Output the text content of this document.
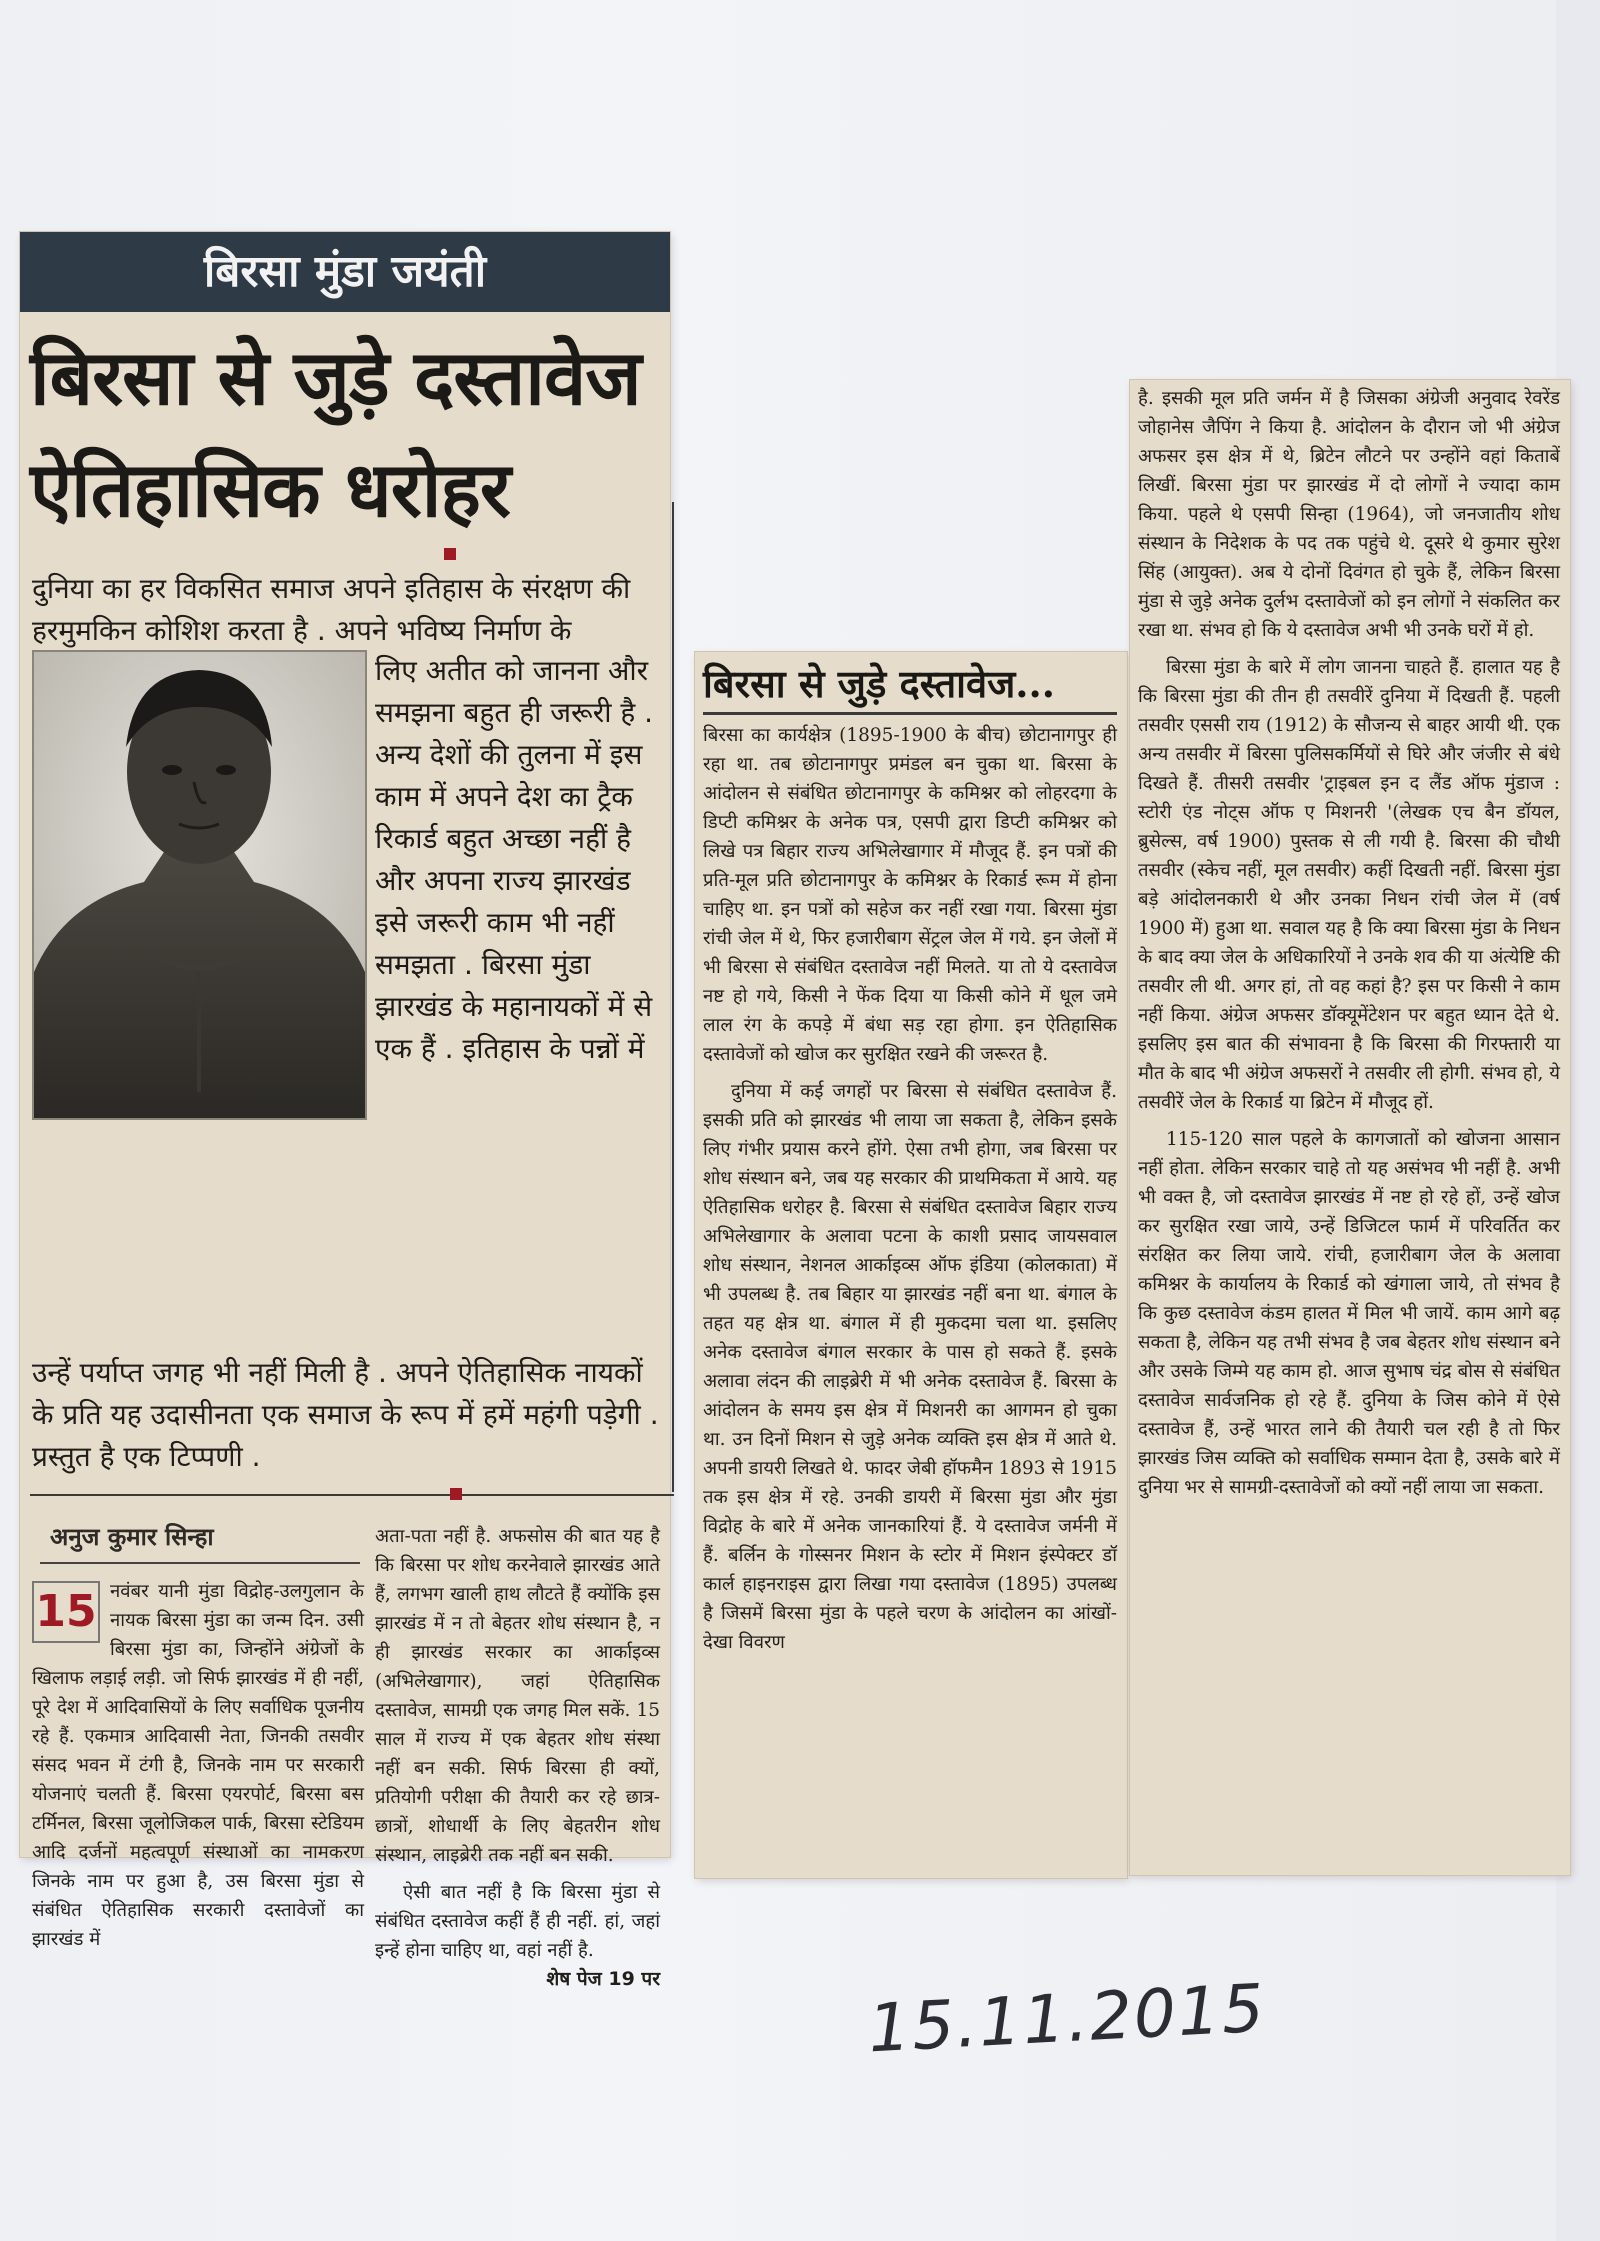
बिरसा मुंडा जयंती
बिरसा से जुड़े दस्तावेज
ऐतिहासिक धरोहर
दुनिया का हर विकसित समाज अपने इतिहास के संरक्षण की हरमुमकिन कोशिश करता है . अपने भविष्य निर्माण के
लिए अतीत को जानना और समझना बहुत ही जरूरी है . अन्य देशों की तुलना में इस काम में अपने देश का ट्रैक रिकार्ड बहुत अच्छा नहीं है और अपना राज्य झारखंड इसे जरूरी काम भी नहीं समझता . बिरसा मुंडा झारखंड के महानायकों में से एक हैं . इतिहास के पन्नों में
उन्हें पर्याप्त जगह भी नहीं मिली है . अपने ऐतिहासिक नायकों के प्रति यह उदासीनता एक समाज के रूप में हमें महंगी पड़ेगी . प्रस्तुत है एक टिप्पणी .
अनुज कुमार सिन्हा
15 नवंबर यानी मुंडा विद्रोह-उलगुलान के नायक बिरसा मुंडा का जन्म दिन. उसी बिरसा मुंडा का, जिन्होंने अंग्रेजों के खिलाफ लड़ाई लड़ी. जो सिर्फ झारखंड में ही नहीं, पूरे देश में आदिवासियों के लिए सर्वाधिक पूजनीय रहे हैं. एकमात्र आदिवासी नेता, जिनकी तसवीर संसद भवन में टंगी है, जिनके नाम पर सरकारी योजनाएं चलती हैं. बिरसा एयरपोर्ट, बिरसा बस टर्मिनल, बिरसा जूलोजिकल पार्क, बिरसा स्टेडियम आदि दर्जनों महत्वपूर्ण संस्थाओं का नामकरण जिनके नाम पर हुआ है, उस बिरसा मुंडा से संबंधित ऐतिहासिक सरकारी दस्तावेजों का झारखंड में
अता-पता नहीं है. अफसोस की बात यह है कि बिरसा पर शोध करनेवाले झारखंड आते हैं, लगभग खाली हाथ लौटते हैं क्योंकि इस झारखंड में न तो बेहतर शोध संस्थान है, न ही झारखंड सरकार का आर्काइव्स (अभिलेखागार), जहां ऐतिहासिक दस्तावेज, सामग्री एक जगह मिल सकें. 15 साल में राज्य में एक बेहतर शोध संस्था नहीं बन सकी. सिर्फ बिरसा ही क्यों, प्रतियोगी परीक्षा की तैयारी कर रहे छात्र-छात्रों, शोधार्थी के लिए बेहतरीन शोध संस्थान, लाइब्रेरी तक नहीं बन सकी.
ऐसी बात नहीं है कि बिरसा मुंडा से संबंधित दस्तावेज कहीं हैं ही नहीं. हां, जहां इन्हें होना चाहिए था, वहां नहीं है.
शेष पेज 19 पर
बिरसा से जुड़े दस्तावेज...
बिरसा का कार्यक्षेत्र (1895-1900 के बीच) छोटानागपुर ही रहा था. तब छोटानागपुर प्रमंडल बन चुका था. बिरसा के आंदोलन से संबंधित छोटानागपुर के कमिश्नर को लोहरदगा के डिप्टी कमिश्नर के अनेक पत्र, एसपी द्वारा डिप्टी कमिश्नर को लिखे पत्र बिहार राज्य अभिलेखागार में मौजूद हैं. इन पत्रों की प्रति-मूल प्रति छोटानागपुर के कमिश्नर के रिकार्ड रूम में होना चाहिए था. इन पत्रों को सहेज कर नहीं रखा गया. बिरसा मुंडा रांची जेल में थे, फिर हजारीबाग सेंट्रल जेल में गये. इन जेलों में भी बिरसा से संबंधित दस्तावेज नहीं मिलते. या तो ये दस्तावेज नष्ट हो गये, किसी ने फेंक दिया या किसी कोने में धूल जमे लाल रंग के कपड़े में बंधा सड़ रहा होगा. इन ऐतिहासिक दस्तावेजों को खोज कर सुरक्षित रखने की जरूरत है.
दुनिया में कई जगहों पर बिरसा से संबंधित दस्तावेज हैं. इसकी प्रति को झारखंड भी लाया जा सकता है, लेकिन इसके लिए गंभीर प्रयास करने होंगे. ऐसा तभी होगा, जब बिरसा पर शोध संस्थान बने, जब यह सरकार की प्राथमिकता में आये. यह ऐतिहासिक धरोहर है. बिरसा से संबंधित दस्तावेज बिहार राज्य अभिलेखागार के अलावा पटना के काशी प्रसाद जायसवाल शोध संस्थान, नेशनल आर्काइव्स ऑफ इंडिया (कोलकाता) में भी उपलब्ध है. तब बिहार या झारखंड नहीं बना था. बंगाल के तहत यह क्षेत्र था. बंगाल में ही मुकदमा चला था. इसलिए अनेक दस्तावेज बंगाल सरकार के पास हो सकते हैं. इसके अलावा लंदन की लाइब्रेरी में भी अनेक दस्तावेज हैं. बिरसा के आंदोलन के समय इस क्षेत्र में मिशनरी का आगमन हो चुका था. उन दिनों मिशन से जुड़े अनेक व्यक्ति इस क्षेत्र में आते थे. अपनी डायरी लिखते थे. फादर जेबी हॉफमैन 1893 से 1915 तक इस क्षेत्र में रहे. उनकी डायरी में बिरसा मुंडा और मुंडा विद्रोह के बारे में अनेक जानकारियां हैं. ये दस्तावेज जर्मनी में हैं. बर्लिन के गोस्सनर मिशन के स्टोर में मिशन इंस्पेक्टर डॉ कार्ल हाइनराइस द्वारा लिखा गया दस्तावेज (1895) उपलब्ध है जिसमें बिरसा मुंडा के पहले चरण के आंदोलन का आंखों-देखा विवरण
है. इसकी मूल प्रति जर्मन में है जिसका अंग्रेजी अनुवाद रेवरेंड जोहानेस जैपिंग ने किया है. आंदोलन के दौरान जो भी अंग्रेज अफसर इस क्षेत्र में थे, ब्रिटेन लौटने पर उन्होंने वहां किताबें लिखीं. बिरसा मुंडा पर झारखंड में दो लोगों ने ज्यादा काम किया. पहले थे एसपी सिन्हा (1964), जो जनजातीय शोध संस्थान के निदेशक के पद तक पहुंचे थे. दूसरे थे कुमार सुरेश सिंह (आयुक्त). अब ये दोनों दिवंगत हो चुके हैं, लेकिन बिरसा मुंडा से जुड़े अनेक दुर्लभ दस्तावेजों को इन लोगों ने संकलित कर रखा था. संभव हो कि ये दस्तावेज अभी भी उनके घरों में हो.
बिरसा मुंडा के बारे में लोग जानना चाहते हैं. हालात यह है कि बिरसा मुंडा की तीन ही तसवीरें दुनिया में दिखती हैं. पहली तसवीर एससी राय (1912) के सौजन्य से बाहर आयी थी. एक अन्य तसवीर में बिरसा पुलिसकर्मियों से घिरे और जंजीर से बंधे दिखते हैं. तीसरी तसवीर 'ट्राइबल इन द लैंड ऑफ मुंडाज : स्टोरी एंड नोट्स ऑफ ए मिशनरी '(लेखक एच बैन डॉयल, ब्रुसेल्स, वर्ष 1900) पुस्तक से ली गयी है. बिरसा की चौथी तसवीर (स्केच नहीं, मूल तसवीर) कहीं दिखती नहीं. बिरसा मुंडा बड़े आंदोलनकारी थे और उनका निधन रांची जेल में (वर्ष 1900 में) हुआ था. सवाल यह है कि क्या बिरसा मुंडा के निधन के बाद क्या जेल के अधिकारियों ने उनके शव की या अंत्येष्टि की तसवीर ली थी. अगर हां, तो वह कहां है? इस पर किसी ने काम नहीं किया. अंग्रेज अफसर डॉक्यूमेंटेशन पर बहुत ध्यान देते थे. इसलिए इस बात की संभावना है कि बिरसा की गिरफ्तारी या मौत के बाद भी अंग्रेज अफसरों ने तसवीर ली होगी. संभव हो, ये तसवीरें जेल के रिकार्ड या ब्रिटेन में मौजूद हों.
115-120 साल पहले के कागजातों को खोजना आसान नहीं होता. लेकिन सरकार चाहे तो यह असंभव भी नहीं है. अभी भी वक्त है, जो दस्तावेज झारखंड में नष्ट हो रहे हों, उन्हें खोज कर सुरक्षित रखा जाये, उन्हें डिजिटल फार्म में परिवर्तित कर संरक्षित कर लिया जाये. रांची, हजारीबाग जेल के अलावा कमिश्नर के कार्यालय के रिकार्ड को खंगाला जाये, तो संभव है कि कुछ दस्तावेज कंडम हालत में मिल भी जायें. काम आगे बढ़ सकता है, लेकिन यह तभी संभव है जब बेहतर शोध संस्थान बने और उसके जिम्मे यह काम हो. आज सुभाष चंद्र बोस से संबंधित दस्तावेज सार्वजनिक हो रहे हैं. दुनिया के जिस कोने में ऐसे दस्तावेज हैं, उन्हें भारत लाने की तैयारी चल रही है तो फिर झारखंड जिस व्यक्ति को सर्वाधिक सम्मान देता है, उसके बारे में दुनिया भर से सामग्री-दस्तावेजों को क्यों नहीं लाया जा सकता.
15.11.2015
